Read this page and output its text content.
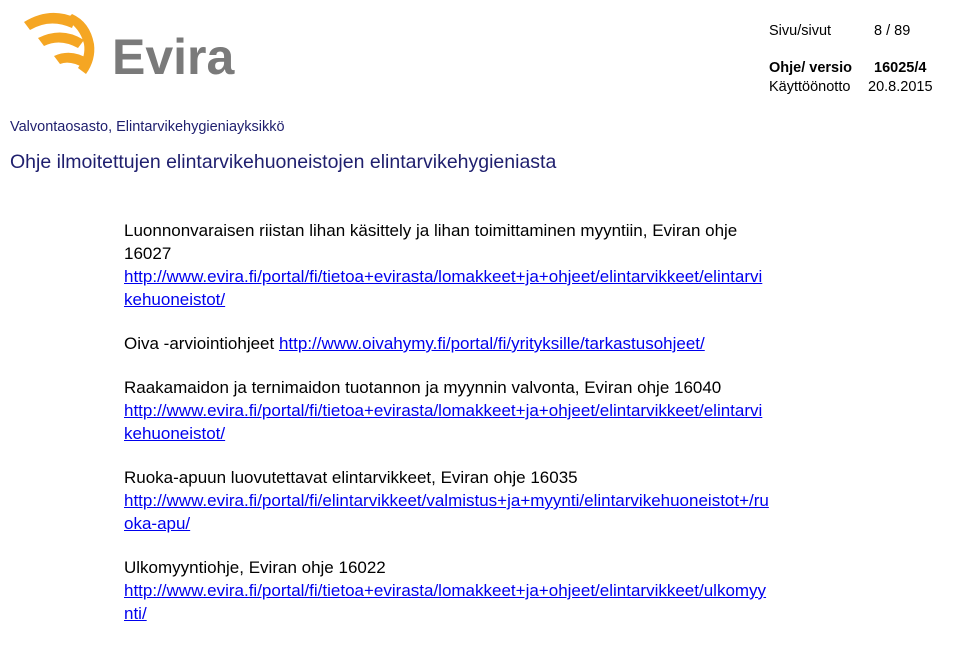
Evira	Sivu/sivut	8 / 89
Ohje/ versio 16025/4
Käyttöönotto 20.8.2015
Valvontaosasto, Elintarvikehygieniayksikkö
Ohje ilmoitettujen elintarvikehuoneistojen elintarvikehygieniasta
Luonnonvaraisen riistan lihan käsittely ja lihan toimittaminen myyntiin, Eviran ohje
16027
http://www.evira.fi/portal/fi/tietoa+evirasta/lomakkeet+ja+ohjeet/elintarvikkeet/elintarvi
kehuoneistot/
Oiva -arviointiohjeet http://www.oivahymy.fi/portal/fi/yrityksille/tarkastusohjeet/
Raakamaidon ja ternimaidon tuotannon ja myynnin valvonta, Eviran ohje 16040
http://www.evira.fi/portal/fi/tietoa+evirasta/lomakkeet+ja+ohjeet/elintarvikkeet/elintarvi
kehuoneistot/
Ruoka-apuun luovutettavat elintarvikkeet, Eviran ohje 16035
http://www.evira.fi/portal/fi/elintarvikkeet/valmistus+ja+myynti/elintarvikehuoneistot+/ru
oka-apu/
Ulkomyyntiohje, Eviran ohje 16022
http://www.evira.fi/portal/fi/tietoa+evirasta/lomakkeet+ja+ohjeet/elintarvikkeet/ulkomyy
nti/
